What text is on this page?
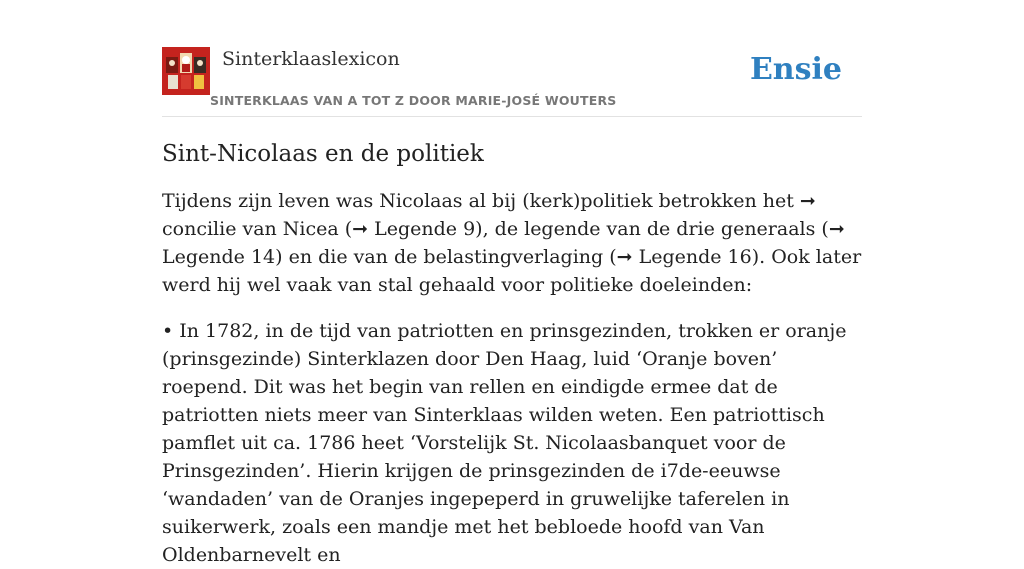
Sinterklaaslexicon
SINTERKLAAS VAN A TOT Z DOOR MARIE-JOSÉ WOUTERS
Ensie
Sint-Nicolaas en de politiek

Tijdens zijn leven was Nicolaas al bij (kerk)politiek betrokken het ➞ concilie van Nicea (➞ Legende 9), de legende van de drie generaals (➞ Legende 14) en die van de belastingverlaging (➞ Legende 16). Ook later werd hij wel vaak van stal gehaald voor politieke doeleinden:

• In 1782, in de tijd van patriotten en prinsgezinden, trokken er oranje (prinsgezinde) Sinterklazen door Den Haag, luid ‘Oranje boven’ roepend. Dit was het begin van rellen en eindigde ermee dat de patriotten niets meer van Sinterklaas wilden weten. Een patriottisch pamflet uit ca. 1786 heet ‘Vorstelijk St. Nicolaasbanquet voor de Prinsgezinden’. Hierin krijgen de prinsgezinden de i7de-eeuwse ‘wandaden’ van de Oranjes ingepeperd in gruwelijke taferelen in suikerwerk, zoals een mandje met het bebloede hoofd van Van Oldenbarnevelt en
